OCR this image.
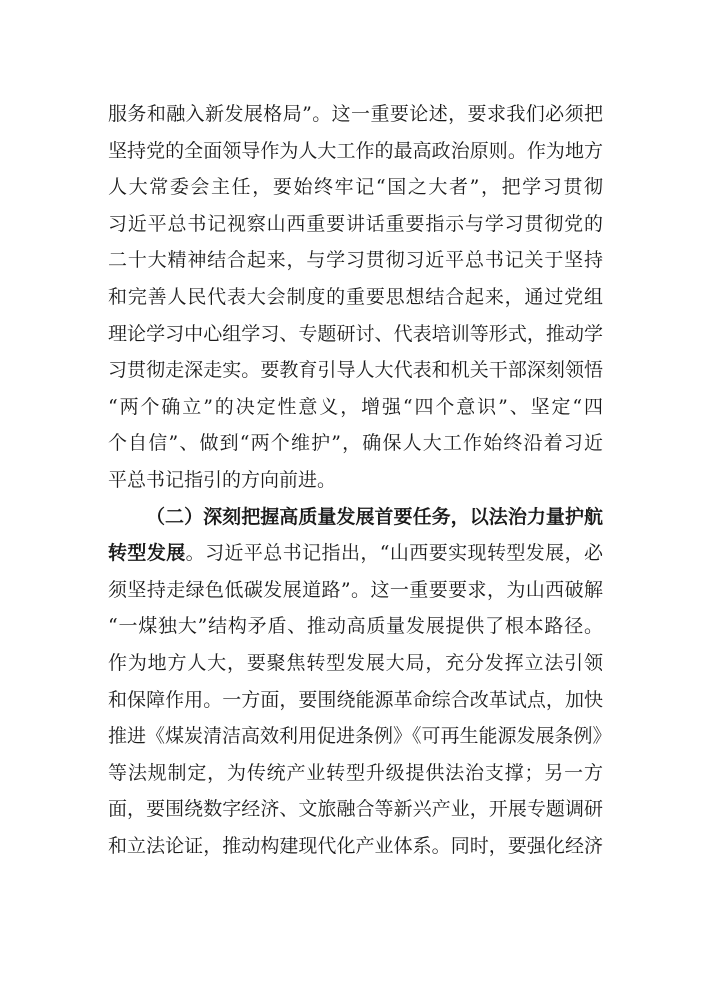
服务和融入新发展格局”。这一重要论述，要求我们必须把
坚持党的全面领导作为人大工作的最高政治原则。作为地方
人大常委会主任，要始终牢记“国之大者”，把学习贯彻
习近平总书记视察山西重要讲话重要指示与学习贯彻党的
二十大精神结合起来，与学习贯彻习近平总书记关于坚持
和完善人民代表大会制度的重要思想结合起来，通过党组
理论学习中心组学习、专题研讨、代表培训等形式，推动学
习贯彻走深走实。要教育引导人大代表和机关干部深刻领悟
“两个确立”的决定性意义，增强“四个意识”、坚定“四
个自信”、做到“两个维护”，确保人大工作始终沿着习近
平总书记指引的方向前进。
（二）深刻把握高质量发展首要任务，以法治力量护航
转型发展。习近平总书记指出，“山西要实现转型发展，必
须坚持走绿色低碳发展道路”。这一重要要求，为山西破解
“一煤独大”结构矛盾、推动高质量发展提供了根本路径。
作为地方人大，要聚焦转型发展大局，充分发挥立法引领
和保障作用。一方面，要围绕能源革命综合改革试点，加快
推进《煤炭清洁高效利用促进条例》《可再生能源发展条例》
等法规制定，为传统产业转型升级提供法治支撑；另一方
面，要围绕数字经济、文旅融合等新兴产业，开展专题调研
和立法论证，推动构建现代化产业体系。同时，要强化经济
